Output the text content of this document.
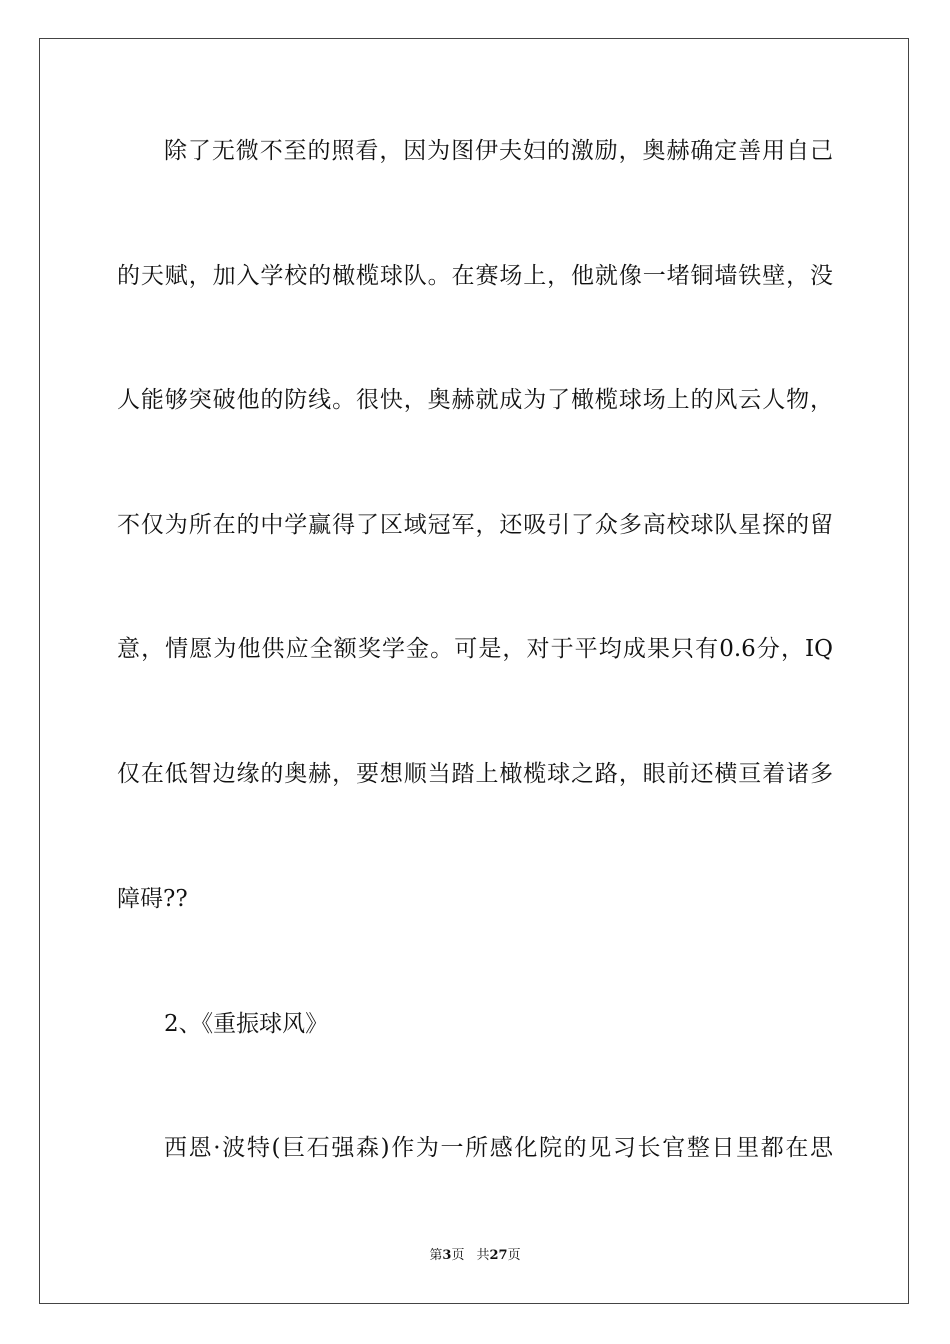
除了无微不至的照看，因为图伊夫妇的激励，奥赫确定善用自己
的天赋，加入学校的橄榄球队。在赛场上，他就像一堵铜墙铁壁，没
人能够突破他的防线。很快，奥赫就成为了橄榄球场上的风云人物，
不仅为所在的中学赢得了区域冠军，还吸引了众多高校球队星探的留
意，情愿为他供应全额奖学金。可是，对于平均成果只有0.6分，IQ
仅在低智边缘的奥赫，要想顺当踏上橄榄球之路，眼前还横亘着诸多
障碍??
2、《重振球风》
西恩·波特(巨石强森)作为一所感化院的见习长官整日里都在思
第3页 共27页
